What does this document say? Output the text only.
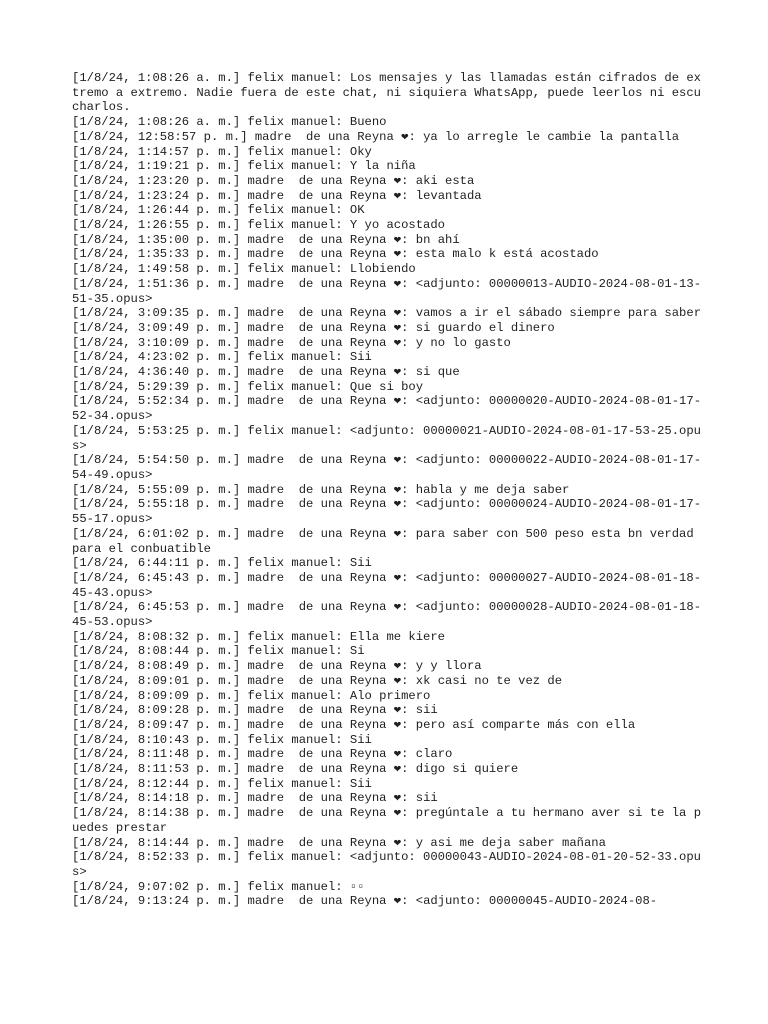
[1/8/24, 1:08:26 a. m.] felix manuel: Los mensajes y las llamadas están cifrados de extremo a extremo. Nadie fuera de este chat, ni siquiera WhatsApp, puede leerlos ni escucharlos.

[1/8/24, 1:08:26 a. m.] felix manuel: Bueno

[1/8/24, 12:58:57 p. m.] madre  de una Reyna ❤: ya lo arregle le cambie la pantalla

[1/8/24, 1:14:57 p. m.] felix manuel: Oky

[1/8/24, 1:19:21 p. m.] felix manuel: Y la niña

[1/8/24, 1:23:20 p. m.] madre  de una Reyna ❤: aki esta

[1/8/24, 1:23:24 p. m.] madre  de una Reyna ❤: levantada

[1/8/24, 1:26:44 p. m.] felix manuel: OK

[1/8/24, 1:26:55 p. m.] felix manuel: Y yo acostado

[1/8/24, 1:35:00 p. m.] madre  de una Reyna ❤: bn ahí

[1/8/24, 1:35:33 p. m.] madre  de una Reyna ❤: esta malo k está acostado

[1/8/24, 1:49:58 p. m.] felix manuel: Llobiendo

[1/8/24, 1:51:36 p. m.] madre  de una Reyna ❤: <adjunto: 00000013-AUDIO-2024-08-01-13-51-35.opus>

[1/8/24, 3:09:35 p. m.] madre  de una Reyna ❤: vamos a ir el sábado siempre para saber

[1/8/24, 3:09:49 p. m.] madre  de una Reyna ❤: si guardo el dinero

[1/8/24, 3:10:09 p. m.] madre  de una Reyna ❤: y no lo gasto

[1/8/24, 4:23:02 p. m.] felix manuel: Sii

[1/8/24, 4:36:40 p. m.] madre  de una Reyna ❤: si que

[1/8/24, 5:29:39 p. m.] felix manuel: Que si boy

[1/8/24, 5:52:34 p. m.] madre  de una Reyna ❤: <adjunto: 00000020-AUDIO-2024-08-01-17-52-34.opus>

[1/8/24, 5:53:25 p. m.] felix manuel: <adjunto: 00000021-AUDIO-2024-08-01-17-53-25.opus>

[1/8/24, 5:54:50 p. m.] madre  de una Reyna ❤: <adjunto: 00000022-AUDIO-2024-08-01-17-54-49.opus>

[1/8/24, 5:55:09 p. m.] madre  de una Reyna ❤: habla y me deja saber

[1/8/24, 5:55:18 p. m.] madre  de una Reyna ❤: <adjunto: 00000024-AUDIO-2024-08-01-17-55-17.opus>

[1/8/24, 6:01:02 p. m.] madre  de una Reyna ❤: para saber con 500 peso esta bn verdad para el conbuatible

[1/8/24, 6:44:11 p. m.] felix manuel: Sii

[1/8/24, 6:45:43 p. m.] madre  de una Reyna ❤: <adjunto: 00000027-AUDIO-2024-08-01-18-45-43.opus>

[1/8/24, 6:45:53 p. m.] madre  de una Reyna ❤: <adjunto: 00000028-AUDIO-2024-08-01-18-45-53.opus>

[1/8/24, 8:08:32 p. m.] felix manuel: Ella me kiere

[1/8/24, 8:08:44 p. m.] felix manuel: Si

[1/8/24, 8:08:49 p. m.] madre  de una Reyna ❤: y y llora

[1/8/24, 8:09:01 p. m.] madre  de una Reyna ❤: xk casi no te vez de

[1/8/24, 8:09:09 p. m.] felix manuel: Alo primero

[1/8/24, 8:09:28 p. m.] madre  de una Reyna ❤: sii

[1/8/24, 8:09:47 p. m.] madre  de una Reyna ❤: pero así comparte más con ella

[1/8/24, 8:10:43 p. m.] felix manuel: Sii

[1/8/24, 8:11:48 p. m.] madre  de una Reyna ❤: claro

[1/8/24, 8:11:53 p. m.] madre  de una Reyna ❤: digo si quiere

[1/8/24, 8:12:44 p. m.] felix manuel: Sii

[1/8/24, 8:14:18 p. m.] madre  de una Reyna ❤: sii

[1/8/24, 8:14:38 p. m.] madre  de una Reyna ❤: pregúntale a tu hermano aver si te la puedes prestar

[1/8/24, 8:14:44 p. m.] madre  de una Reyna ❤: y asi me deja saber mañana

[1/8/24, 8:52:33 p. m.] felix manuel: <adjunto: 00000043-AUDIO-2024-08-01-20-52-33.opus>

[1/8/24, 9:07:02 p. m.] felix manuel: ▫▫

[1/8/24, 9:13:24 p. m.] madre  de una Reyna ❤: <adjunto: 00000045-AUDIO-2024-08-
